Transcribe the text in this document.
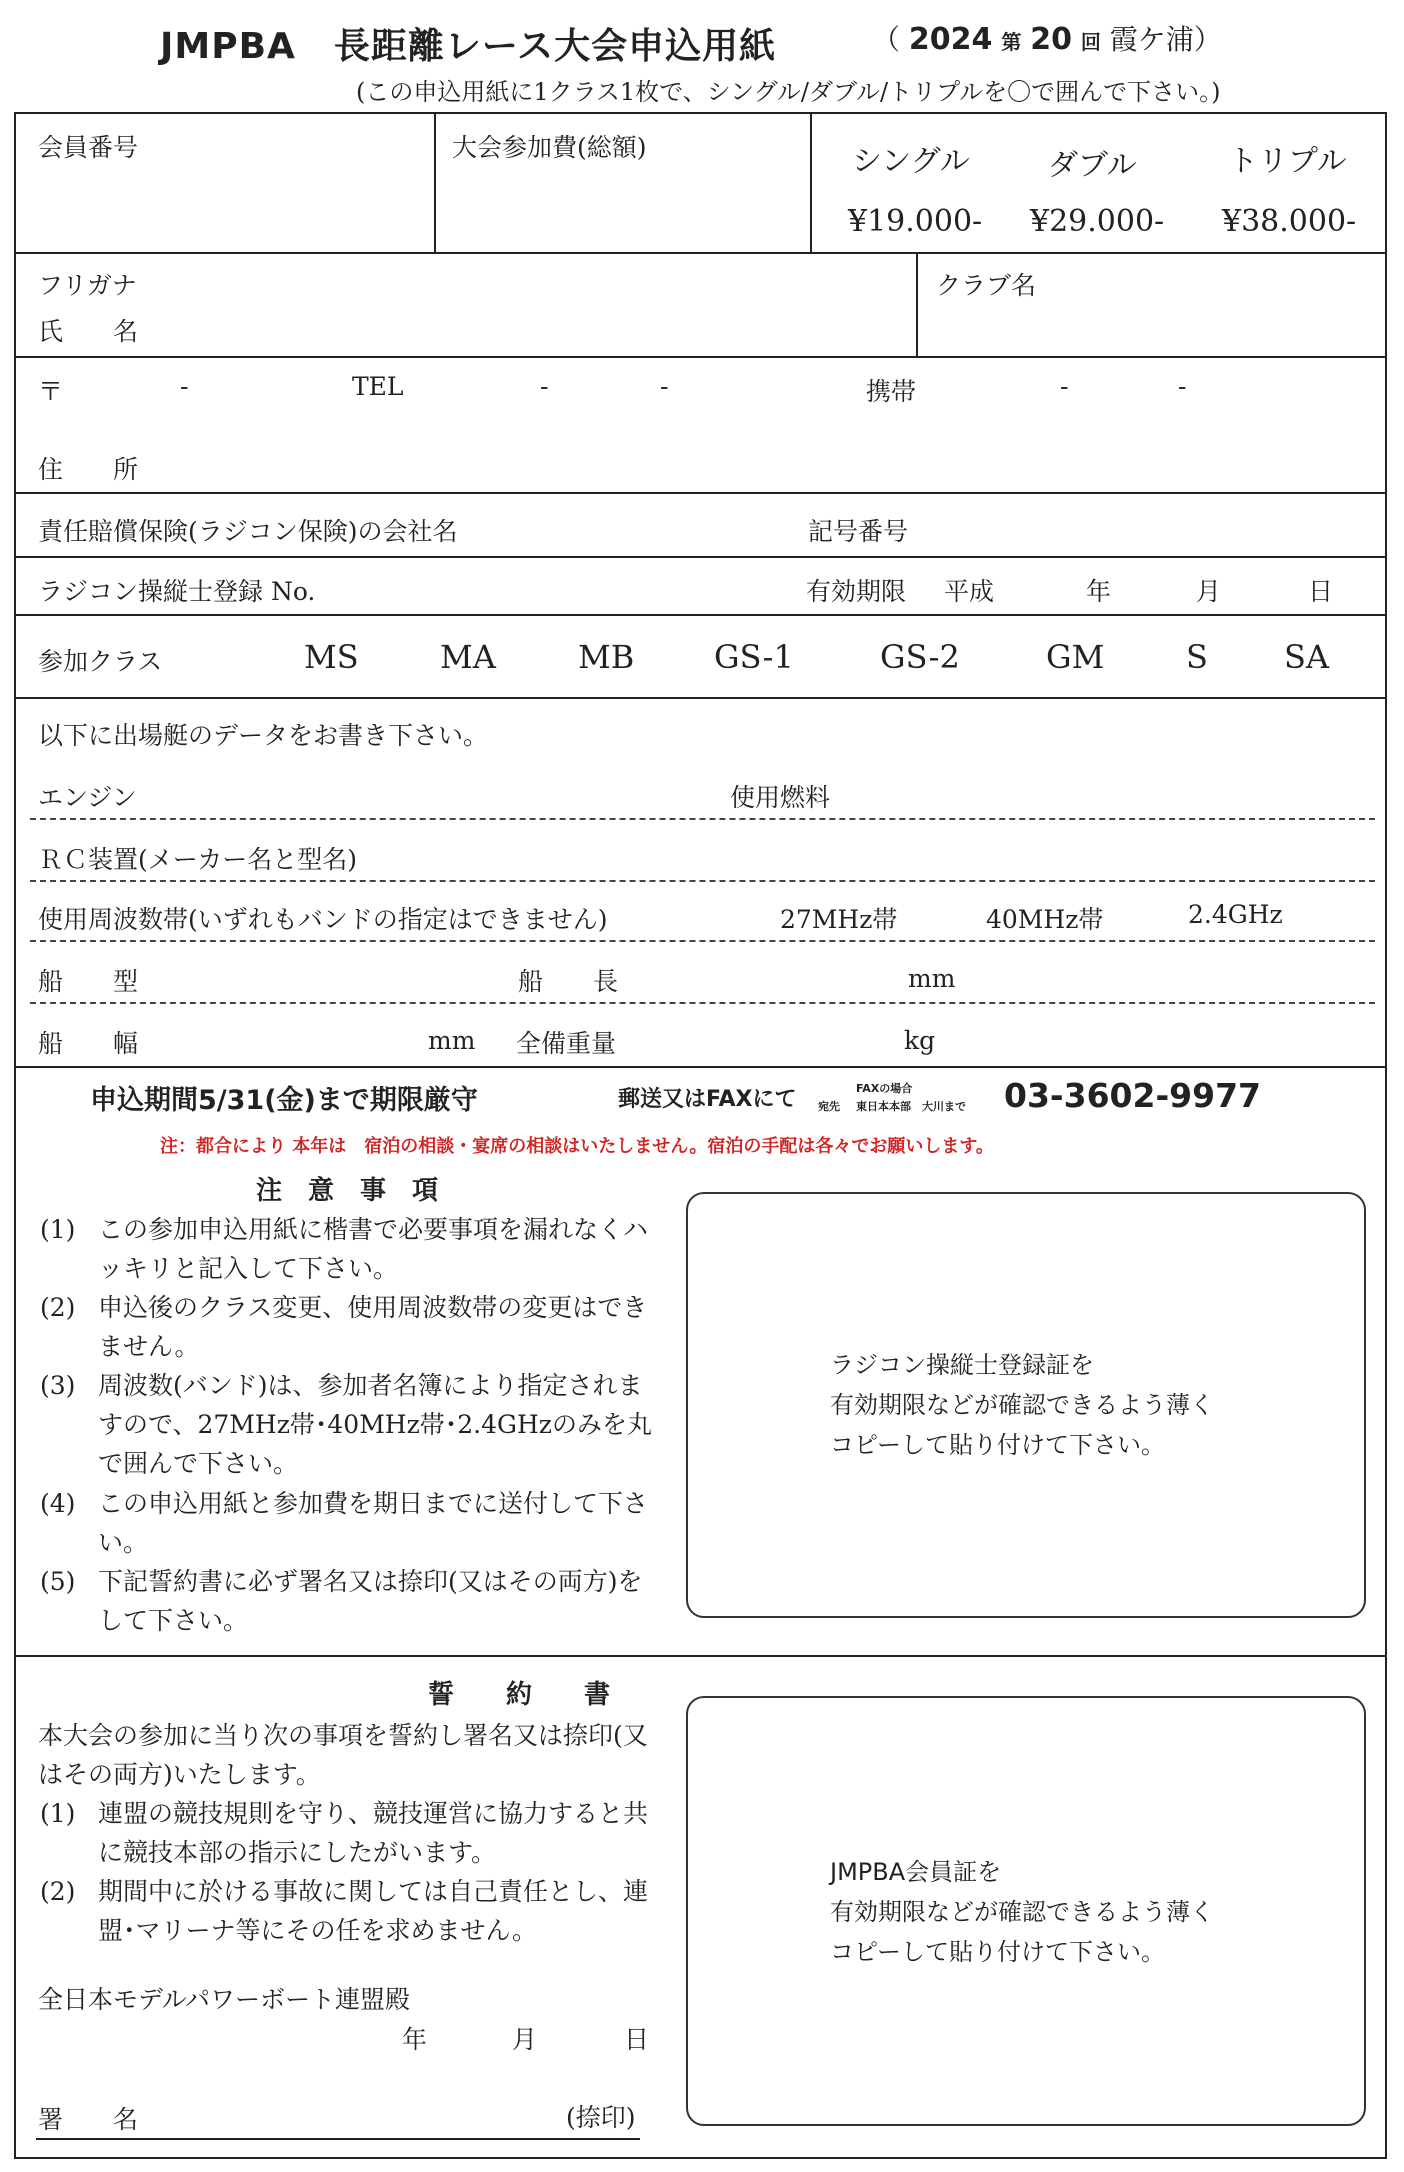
JMPBA 長距離レース大会申込用紙	（ 2024 第 20 回 霞ケ浦）
(この申込用紙に1クラス1枚で、シングル/ダブル/トリプルを〇で囲んで下さい。)
会員番号	大会参加費(総額)	シングル	ダブル	トリプル
¥19.000- ¥29.000- ¥38.000-
フリガナ
氏　　名
クラブ名
〒	-	TEL	-	-	携帯	-	-
住　　所
責任賠償保険(ラジコン保険)の会社名	記号番号
ラジコン操縦士登録 No.	有効期限 平成	年	月	日
参加クラス	MS	MA	MB GS-1	GS-2	GM	S SA
以下に出場艇のデータをお書き下さい。
エンジン	使用燃料
ＲＣ装置(メーカー名と型名)
使用周波数帯(いずれもバンドの指定はできません)	27MHz帯	40MHz帯	2.4GHz
船　　型	船　　長	mm
船　　幅	mm 全備重量	kg
申込期間5/31(金)まで期限厳守	郵送又はFAXにて	FAXの場合
宛先 東日本本部　大川まで 03-3602-9977
注：都合により 本年は　宿泊の相談・宴席の相談はいたしません。宿泊の手配は各々でお願いします。
注　意　事　項
(1) この参加申込用紙に楷書で必要事項を漏れなくハッキリと記入して下さい。
(2) 申込後のクラス変更、使用周波数帯の変更はできません。
(3) 周波数(バンド)は、参加者名簿により指定されますので、27MHz帯･40MHz帯･2.4GHzのみを丸で囲んで下さい。
(4) この申込用紙と参加費を期日までに送付して下さい。
(5) 下記誓約書に必ず署名又は捺印(又はその両方)をして下さい。
ラジコン操縦士登録証を
有効期限などが確認できるよう薄く
コピーして貼り付けて下さい。
誓　　約　　書
本大会の参加に当り次の事項を誓約し署名又は捺印(又はその両方)いたします。
(1) 連盟の競技規則を守り、競技運営に協力すると共に競技本部の指示にしたがいます。
(2) 期間中に於ける事故に関しては自己責任とし、連盟･マリーナ等にその任を求めません。
全日本モデルパワーボート連盟殿
年	月	日
署　　名	(捺印)
JMPBA会員証を
有効期限などが確認できるよう薄く
コピーして貼り付けて下さい。
